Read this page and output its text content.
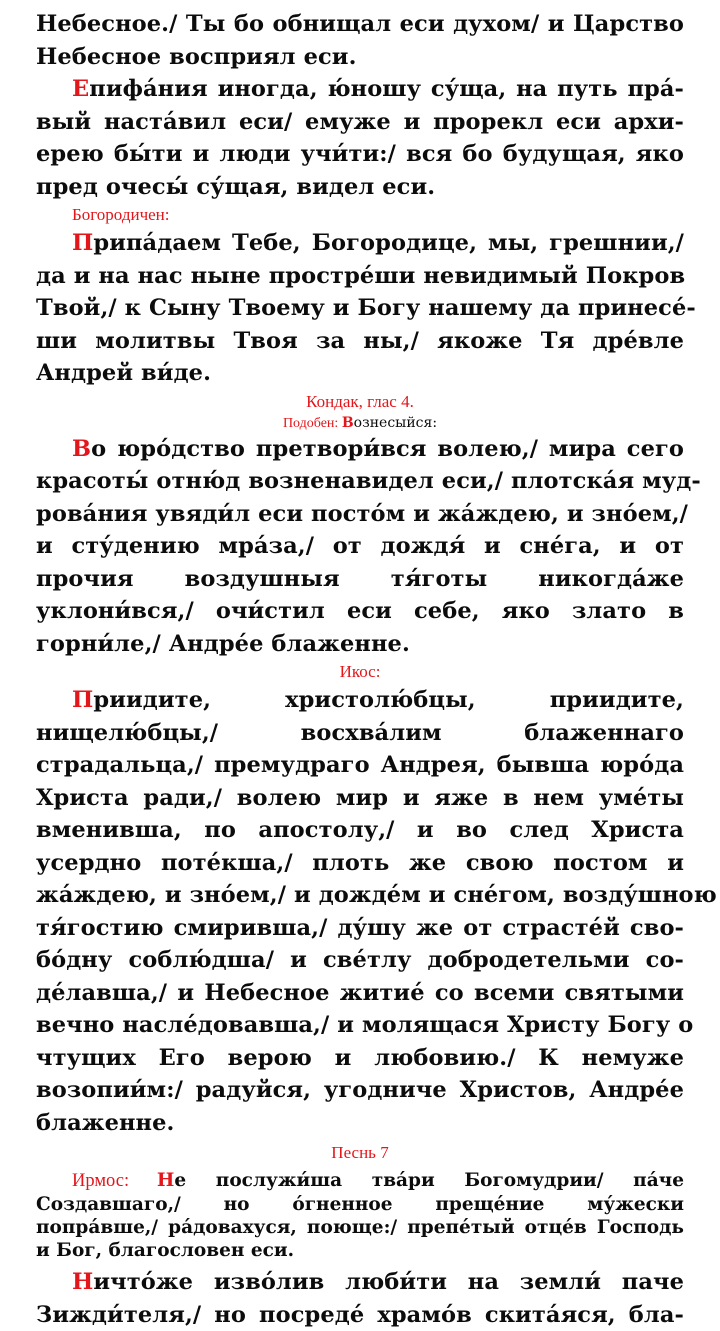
Небесное./ Ты бо обнищал еси духом/ и Царство
Небесное восприял еси.
Епифа́ния иногда, ю́ношу су́ща, на путь пра́-
вый наста́вил еси/ емуже и прорекл еси архи-
ерею бы́ти и люди учи́ти:/ вся бо будущая, яко
пред очесы́ су́щая, видел еси.

Богородичен:

Припа́даем Тебе, Богородице, мы, грешнии,/
да и на нас ныне простре́ши невидимый Покров
Твой,/ к Сыну Твоему и Богу нашему да принесе́-
ши молитвы Твоя за ны,/ якоже Тя дре́вле
Андрей ви́де.

Кондак, глас 4.

Подобен: Вознесыйся:

Во юро́дство претвори́вся волею,/ мира сего
красоты́ отню́д возненавидел еси,/ плотска́я муд-
рова́ния увяди́л еси посто́м и жа́ждею, и зно́ем,/
и сту́дению мра́за,/ от дождя́ и сне́га, и от
прочия воздушныя тя́готы никогда́же
уклони́вся,/ очи́стил еси себе, яко злато в
горни́ле,/ Андре́е блаженне.

Икос:

Приидите, христолю́бцы, приидите,
нищелю́бцы,/ восхва́лим блаженнаго
страдальца,/ премудраго Андрея, бывша юро́да
Христа ради,/ волею мир и яже в нем уме́ты
вменивша, по апостолу,/ и во след Христа
усердно поте́кша,/ плоть же свою постом и
жа́ждею, и зно́ем,/ и дожде́м и сне́гом, возду́шною
тя́гостию смиривша,/ ду́шу же от страсте́й сво-
бо́дну соблю́дша/ и све́тлу добродетельми со-
де́лавша,/ и Небесное житие́ со всеми святыми
вечно насле́довавша,/ и молящася Христу Богу о
чтущих Его верою и любовию./ К немуже
возопии́м:/ радуйся, угодниче Христов, Андре́е
блаженне.

Песнь 7

Ирмос: Не послужи́ша тва́ри Богомудрии/ па́че
Создавшаго,/ но о́гненное преще́ние му́жески
попра́вше,/ ра́довахуся, поюще:/ препе́тый отце́в Господь
и Бог, благословен еси.
Ничто́же изво́лив люби́ти на земли́ паче
Зижди́теля,/ но посреде́ храмо́в скита́яся, бла-
